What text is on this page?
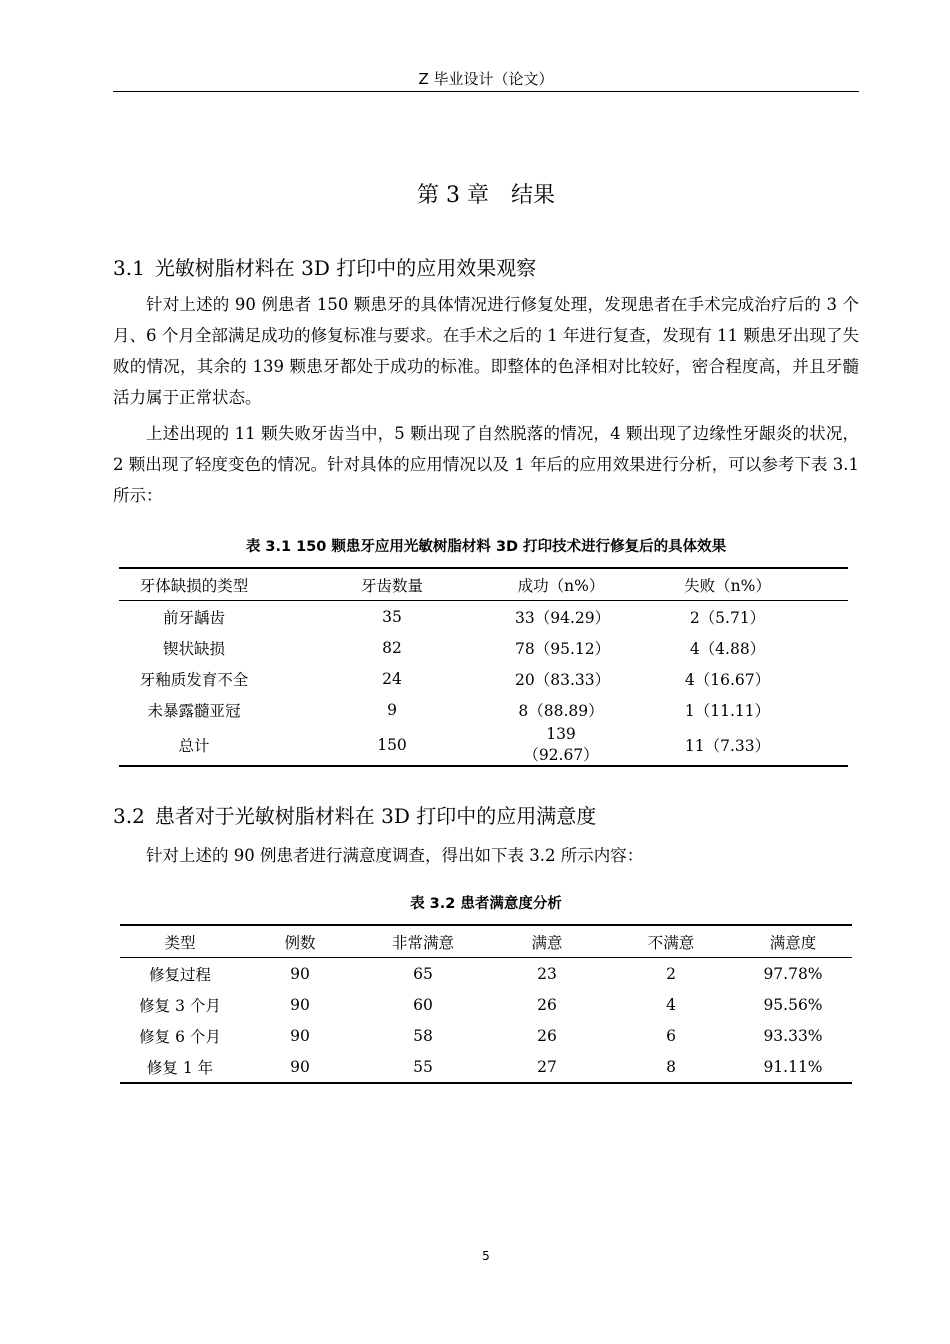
Z 毕业设计（论文）
第 3 章　结果
3.1 光敏树脂材料在 3D 打印中的应用效果观察
针对上述的 90 例患者 150 颗患牙的具体情况进行修复处理，发现患者在手术完成治疗后的 3 个月、6 个月全部满足成功的修复标准与要求。在手术之后的 1 年进行复查，发现有 11 颗患牙出现了失败的情况，其余的 139 颗患牙都处于成功的标准。即整体的色泽相对比较好，密合程度高，并且牙髓活力属于正常状态。
上述出现的 11 颗失败牙齿当中，5 颗出现了自然脱落的情况，4 颗出现了边缘性牙龈炎的状况，2 颗出现了轻度变色的情况。针对具体的应用情况以及 1 年后的应用效果进行分析，可以参考下表 3.1 所示：
表 3.1 150 颗患牙应用光敏树脂材料 3D 打印技术进行修复后的具体效果
牙体缺损的类型	牙齿数量	成功（n%）	失败（n%）
前牙龋齿	35	33（94.29）	2（5.71）
锲状缺损	82	78（95.12）	4（4.88）
牙釉质发育不全	24	20（83.33）	4（16.67）
未暴露髓亚冠	9	8（88.89）	1（11.11）
总计	150	139（92.67）	11（7.33）
3.2 患者对于光敏树脂材料在 3D 打印中的应用满意度
针对上述的 90 例患者进行满意度调查，得出如下表 3.2 所示内容：
表 3.2 患者满意度分析
类型	例数	非常满意	满意	不满意	满意度
修复过程	90	65	23	2	97.78%
修复 3 个月	90	60	26	4	95.56%
修复 6 个月	90	58	26	6	93.33%
修复 1 年	90	55	27	8	91.11%
5
